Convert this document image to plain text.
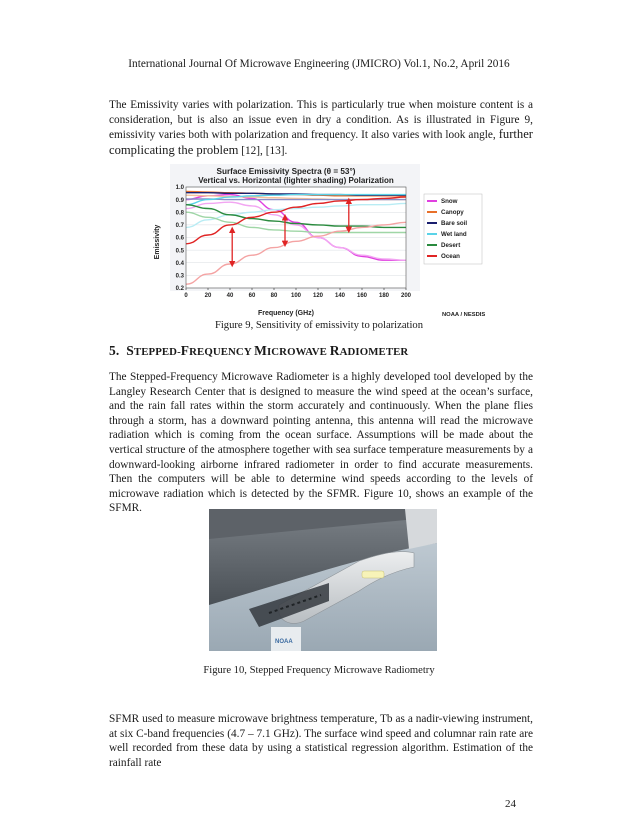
International Journal Of Microwave Engineering (JMICRO) Vol.1, No.2, April 2016
The Emissivity varies with polarization. This is particularly true when moisture content is a consideration, but is also an issue even in dry a condition. As is illustrated in Figure 9, emissivity varies both with polarization and frequency. It also varies with look angle, further complicating the problem [12], [13].
Surface Emissivity Spectra (θ = 53°)
Vertical vs. Horizontal (lighter shading) Polarization
0.2
0.3
0.4
0.5
0.6
0.7
0.8
0.9
1.0
0	20	40	60	80 100 120 140 160 180 200
Frequency (GHz)
Emissivity
Snow
Canopy
Bare soil
Wet land
Desert
Ocean
NOAA / NESDIS
Figure 9, Sensitivity of emissivity to polarization
5. STEPPED-FREQUENCY MICROWAVE RADIOMETER
The Stepped-Frequency Microwave Radiometer is a highly developed tool developed by the Langley Research Center that is designed to measure the wind speed at the ocean’s surface, and the rain fall rates within the storm accurately and continuously. When the plane flies through a storm, has a downward pointing antenna, this antenna will read the microwave radiation which is coming from the ocean surface. Assumptions will be made about the vertical structure of the atmosphere together with sea surface temperature measurements by a downward-looking airborne infrared radiometer in order to find accurate measurements. Then the computers will be able to determine wind speeds according to the levels of microwave radiation which is detected by the SFMR. Figure 10, shows an example of the SFMR.
NOAA
Figure 10, Stepped Frequency Microwave Radiometry
SFMR used to measure microwave brightness temperature, Tb as a nadir-viewing instrument, at six C-band frequencies (4.7 – 7.1 GHz). The surface wind speed and columnar rain rate are well recorded from these data by using a statistical regression algorithm. Estimation of the rainfall rate
24
